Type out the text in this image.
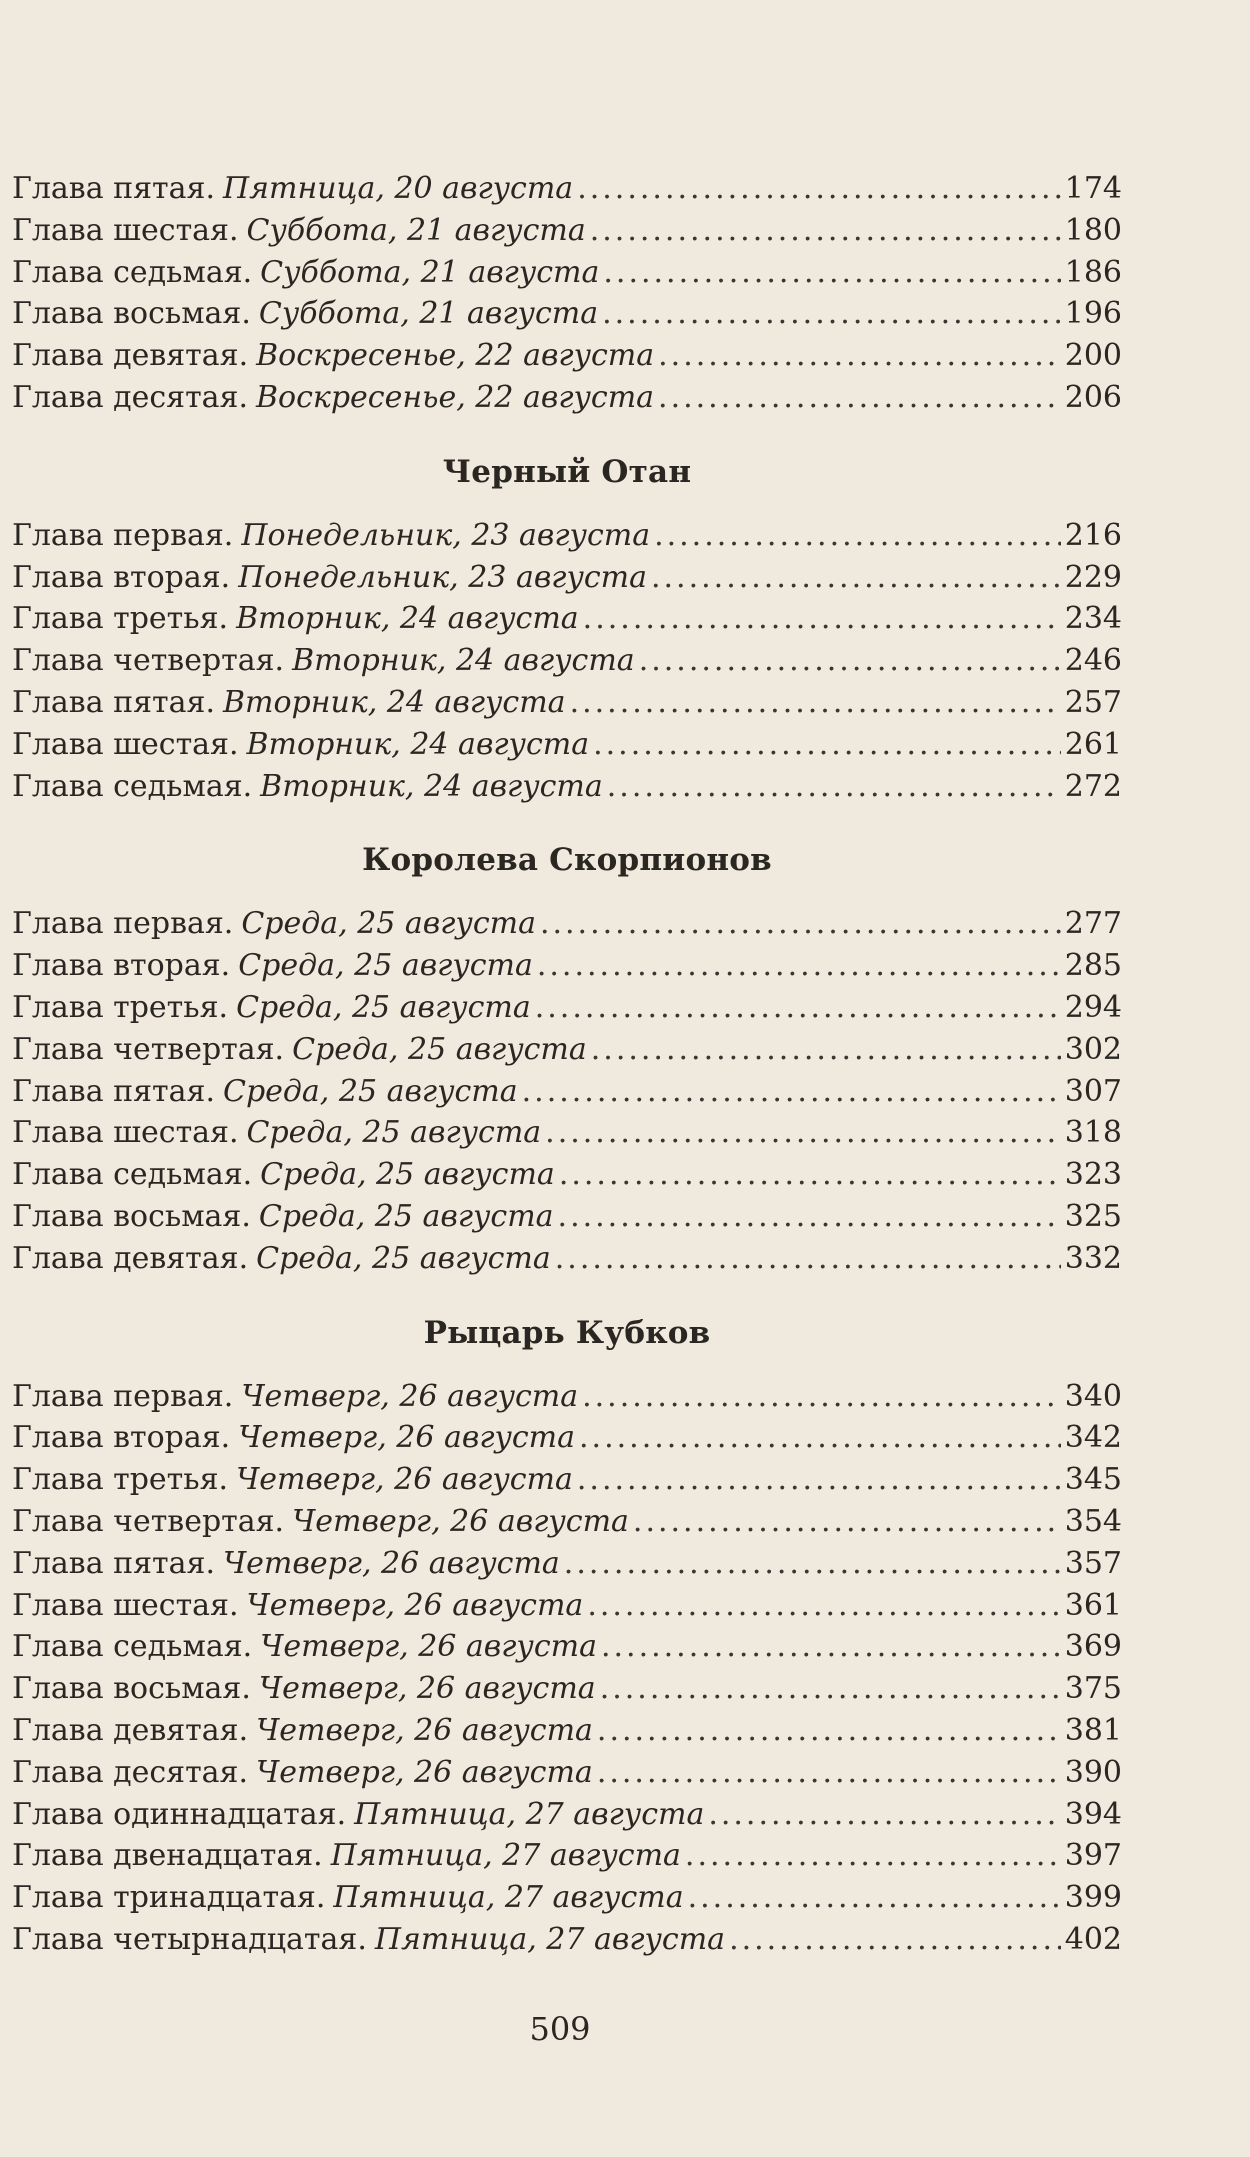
Глава пятая. Пятница, 20 августа .....	174
Глава шестая. Суббота, 21 августа .....	180
Глава седьмая. Суббота, 21 августа .....	186
Глава восьмая. Суббота, 21 августа .....	196
Глава девятая. Воскресенье, 22 августа .....	200
Глава десятая. Воскресенье, 22 августа .....	206
Черный Отан
Глава первая. Понедельник, 23 августа .....	216
Глава вторая. Понедельник, 23 августа .....	229
Глава третья. Вторник, 24 августа .....	234
Глава четвертая. Вторник, 24 августа .....	246
Глава пятая. Вторник, 24 августа .....	257
Глава шестая. Вторник, 24 августа .....	261
Глава седьмая. Вторник, 24 августа .....	272
Королева Скорпионов
Глава первая. Среда, 25 августа .....	277
Глава вторая. Среда, 25 августа .....	285
Глава третья. Среда, 25 августа .....	294
Глава четвертая. Среда, 25 августа .....	302
Глава пятая. Среда, 25 августа .....	307
Глава шестая. Среда, 25 августа .....	318
Глава седьмая. Среда, 25 августа .....	323
Глава восьмая. Среда, 25 августа .....	325
Глава девятая. Среда, 25 августа .....	332
Рыцарь Кубков
Глава первая. Четверг, 26 августа .....	340
Глава вторая. Четверг, 26 августа .....	342
Глава третья. Четверг, 26 августа .....	345
Глава четвертая. Четверг, 26 августа .....	354
Глава пятая. Четверг, 26 августа .....	357
Глава шестая. Четверг, 26 августа .....	361
Глава седьмая. Четверг, 26 августа .....	369
Глава восьмая. Четверг, 26 августа .....	375
Глава девятая. Четверг, 26 августа .....	381
Глава десятая. Четверг, 26 августа .....	390
Глава одиннадцатая. Пятница, 27 августа .....	394
Глава двенадцатая. Пятница, 27 августа .....	397
Глава тринадцатая. Пятница, 27 августа .....	399
Глава четырнадцатая. Пятница, 27 августа .....	402
509
